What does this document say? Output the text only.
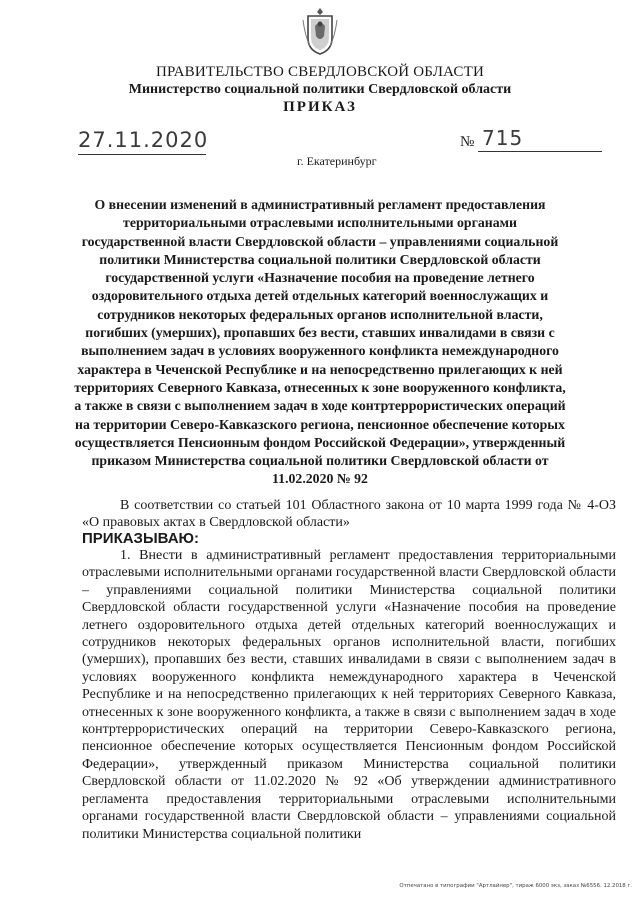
ПРАВИТЕЛЬСТВО СВЕРДЛОВСКОЙ ОБЛАСТИ
Министерство социальной политики Свердловской области
ПРИКАЗ
27.11.2020	№ 715
г. Екатеринбург
О внесении изменений в административный регламент предоставления территориальными отраслевыми исполнительными органами государственной власти Свердловской области – управлениями социальной политики Министерства социальной политики Свердловской области государственной услуги «Назначение пособия на проведение летнего оздоровительного отдыха детей отдельных категорий военнослужащих и сотрудников некоторых федеральных органов исполнительной власти, погибших (умерших), пропавших без вести, ставших инвалидами в связи с выполнением задач в условиях вооруженного конфликта немеждународного характера в Чеченской Республике и на непосредственно прилегающих к ней территориях Северного Кавказа, отнесенных к зоне вооруженного конфликта, а также в связи с выполнением задач в ходе контртеррористических операций на территории Северо-Кавказского региона, пенсионное обеспечение которых осуществляется Пенсионным фондом Российской Федерации», утвержденный приказом Министерства социальной политики Свердловской области от 11.02.2020 № 92
В соответствии со статьей 101 Областного закона от 10 марта 1999 года № 4-ОЗ «О правовых актах в Свердловской области»
ПРИКАЗЫВАЮ:
1. Внести в административный регламент предоставления территориальными отраслевыми исполнительными органами государственной власти Свердловской области – управлениями социальной политики Министерства социальной политики Свердловской области государственной услуги «Назначение пособия на проведение летнего оздоровительного отдыха детей отдельных категорий военнослужащих и сотрудников некоторых федеральных органов исполнительной власти, погибших (умерших), пропавших без вести, ставших инвалидами в связи с выполнением задач в условиях вооруженного конфликта немеждународного характера в Чеченской Республике и на непосредственно прилегающих к ней территориях Северного Кавказа, отнесенных к зоне вооруженного конфликта, а также в связи с выполнением задач в ходе контртеррористических операций на территории Северо-Кавказского региона, пенсионное обеспечение которых осуществляется Пенсионным фондом Российской Федерации», утвержденный приказом Министерства социальной политики Свердловской области от 11.02.2020 № 92 «Об утверждении административного регламента предоставления территориальными отраслевыми исполнительными органами государственной власти Свердловской области – управлениями социальной политики Министерства социальной политики
Отпечатано в типографии "Артлайнер", тираж 6000 экз, заказ №6556. 12.2018 г.
